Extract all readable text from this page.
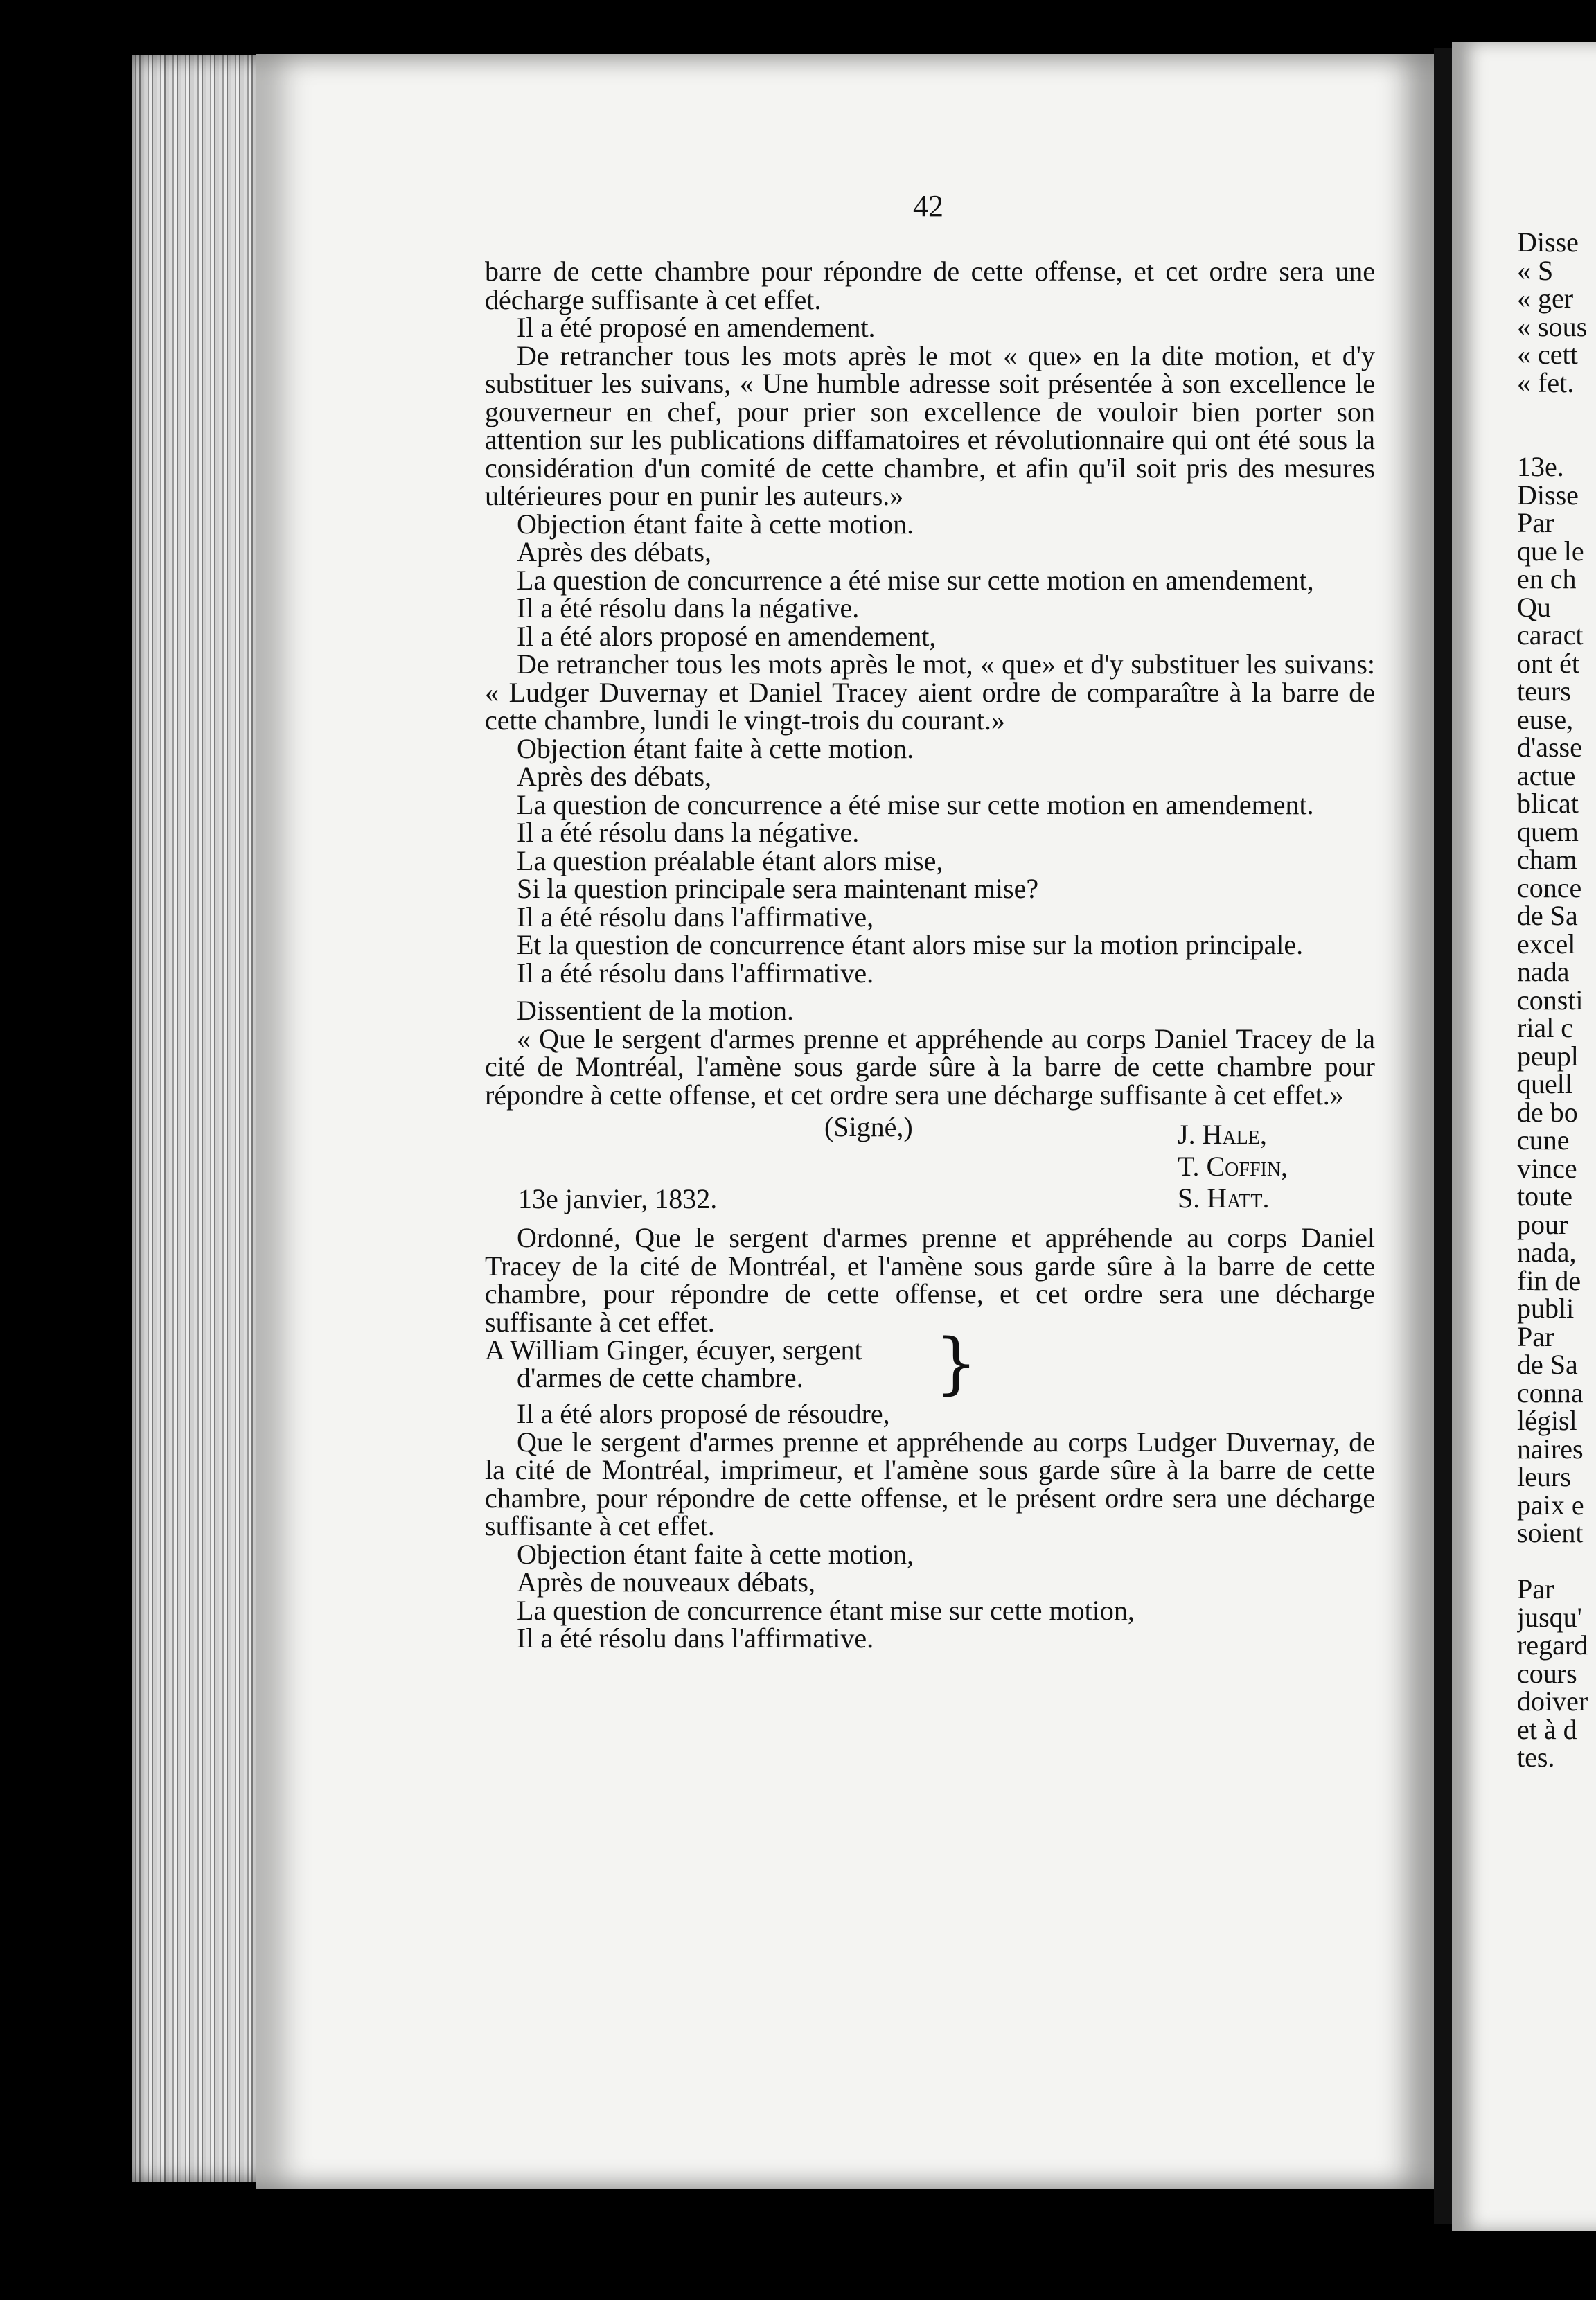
42

barre de cette chambre pour répondre de cette offense, et cet ordre sera une décharge suffisante à cet effet.

Il a été proposé en amendement.

De retrancher tous les mots après le mot « que» en la dite motion, et d'y substituer les suivans, « Une humble adresse soit présentée à son excellence le gouverneur en chef, pour prier son excellence de vouloir bien porter son attention sur les publications diffamatoires et révolutionnaire qui ont été sous la considération d'un comité de cette chambre, et afin qu'il soit pris des mesures ultérieures pour en punir les auteurs.»

Objection étant faite à cette motion.

Après des débats,

La question de concurrence a été mise sur cette motion en amendement,

Il a été résolu dans la négative.

Il a été alors proposé en amendement,

De retrancher tous les mots après le mot, « que» et d'y substituer les suivans: « Ludger Duvernay et Daniel Tracey aient ordre de comparaître à la barre de cette chambre, lundi le vingt-trois du courant.»

Objection étant faite à cette motion.

Après des débats,

La question de concurrence a été mise sur cette motion en amendement.

Il a été résolu dans la négative.

La question préalable étant alors mise,

Si la question principale sera maintenant mise?

Il a été résolu dans l'affirmative,

Et la question de concurrence étant alors mise sur la motion principale.

Il a été résolu dans l'affirmative.

Dissentient de la motion.

« Que le sergent d'armes prenne et appréhende au corps Daniel Tracey de la cité de Montréal, l'amène sous garde sûre à la barre de cette chambre pour répondre à cette offense, et cet ordre sera une décharge suffisante à cet effet.»

(Signé,)
13e janvier, 1832.
J. Hale,
T. Coffin,
S. Hatt.

Ordonné, Que le sergent d'armes prenne et appréhende au corps Daniel Tracey de la cité de Montréal, et l'amène sous garde sûre à la barre de cette chambre, pour répondre de cette offense, et cet ordre sera une décharge suffisante à cet effet.

A William Ginger, écuyer, sergent
d'armes de cette chambre. }

Il a été alors proposé de résoudre,

Que le sergent d'armes prenne et appréhende au corps Ludger Duvernay, de la cité de Montréal, imprimeur, et l'amène sous garde sûre à la barre de cette chambre, pour répondre de cette offense, et le présent ordre sera une décharge suffisante à cet effet.

Objection étant faite à cette motion,

Après de nouveaux débats,

La question de concurrence étant mise sur cette motion,

Il a été résolu dans l'affirmative.

Disse
« S
« ger
« sous
« cett
« fet.
13e.
Disse
Par
que le
en ch
Qu
caract
ont ét
teurs
euse,
d'asse
actue
blicat
quem
cham
conce
de Sa
excel
nada
consti
rial c
peupl
quell
de bo
cune
vince
toute
pour
nada,
fin de
publi
Par
de Sa
conna
législ
naires
leurs
paix e
soient
Par
jusqu'
regard
cours
doiver
et à d
tes.
